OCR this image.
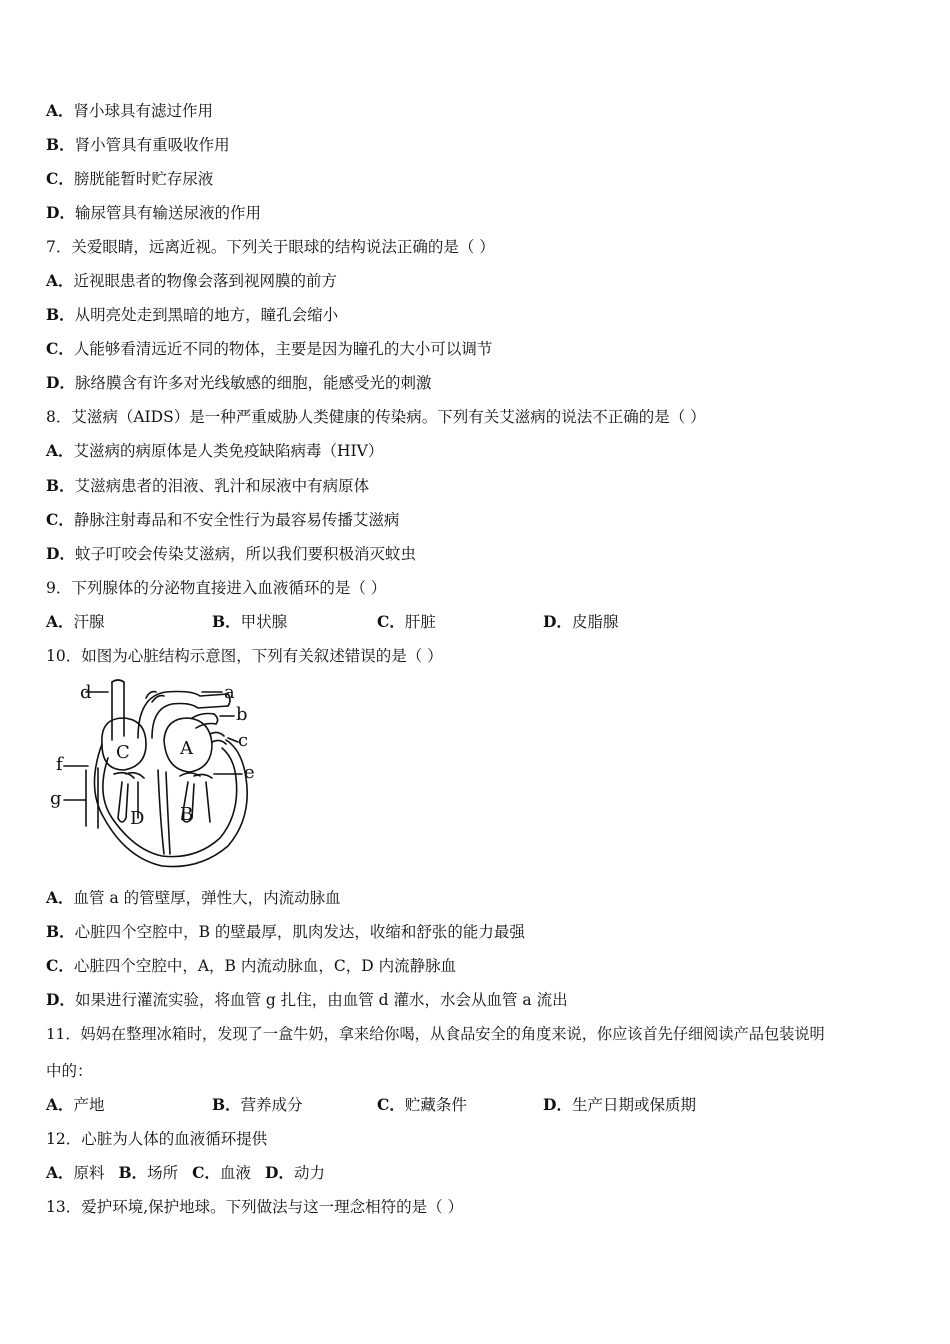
A．肾小球具有滤过作用
B．肾小管具有重吸收作用
C．膀胱能暂时贮存尿液
D．输尿管具有输送尿液的作用
7．关爱眼睛，远离近视。下列关于眼球的结构说法正确的是（ ）
A．近视眼患者的物像会落到视网膜的前方
B．从明亮处走到黑暗的地方，瞳孔会缩小
C．人能够看清远近不同的物体，主要是因为瞳孔的大小可以调节
D．脉络膜含有许多对光线敏感的细胞，能感受光的刺激
8．艾滋病（AIDS）是一种严重威胁人类健康的传染病。下列有关艾滋病的说法不正确的是（ ）
A．艾滋病的病原体是人类免疫缺陷病毒（HIV）
B．艾滋病患者的泪液、乳汁和尿液中有病原体
C．静脉注射毒品和不安全性行为最容易传播艾滋病
D．蚊子叮咬会传染艾滋病，所以我们要积极消灭蚊虫
9．下列腺体的分泌物直接进入血液循环的是（ ）
A．汗腺	B．甲状腺	C．肝脏	D．皮脂腺
10．如图为心脏结构示意图，下列有关叙述错误的是（ ）
d	a
b
c
f	e
g
C	A
D B
A．血管 a 的管壁厚，弹性大，内流动脉血
B．心脏四个空腔中，B 的壁最厚，肌肉发达，收缩和舒张的能力最强
C．心脏四个空腔中，A，B 内流动脉血，C，D 内流静脉血
D．如果进行灌流实验，将血管 g 扎住，由血管 d 灌水，水会从血管 a 流出
11．妈妈在整理冰箱时，发现了一盒牛奶，拿来给你喝，从食品安全的角度来说，你应该首先仔细阅读产品包装说明
中的：
A．产地	B．营养成分	C．贮藏条件	D．生产日期或保质期
12．心脏为人体的血液循环提供
A．原料 B．场所 C．血液 D．动力
13．爱护环境,保护地球。下列做法与这一理念相符的是（ ）
